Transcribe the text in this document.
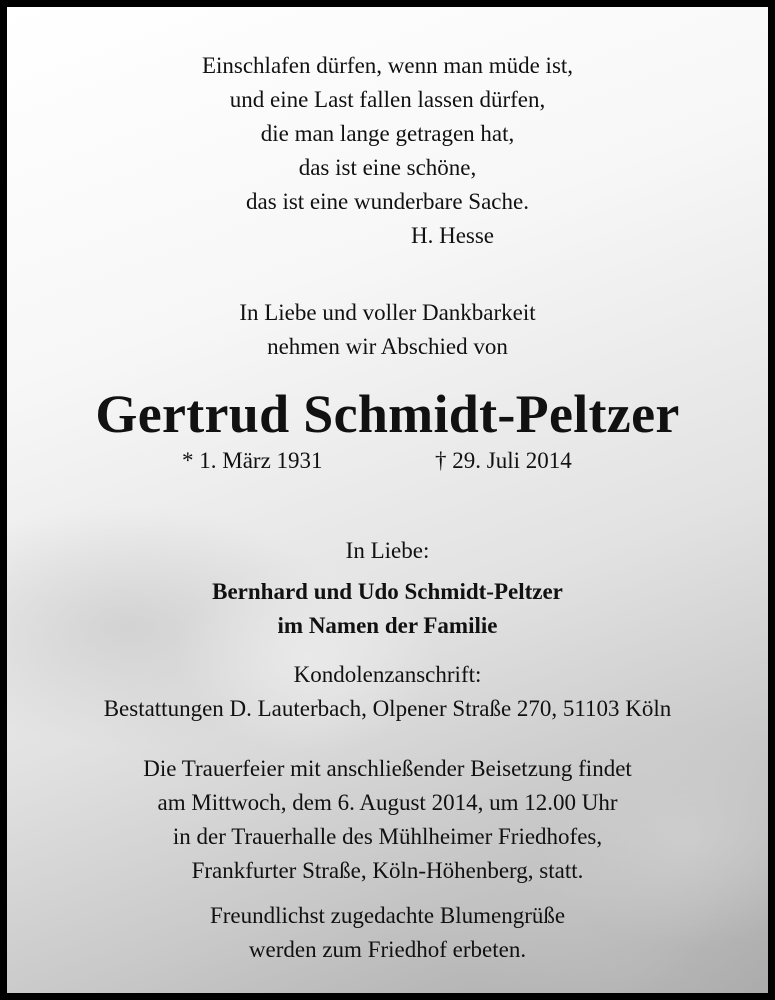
Einschlafen dürfen, wenn man müde ist,
und eine Last fallen lassen dürfen,
die man lange getragen hat,
das ist eine schöne,
das ist eine wunderbare Sache.
H. Hesse
In Liebe und voller Dankbarkeit
nehmen wir Abschied von
Gertrud Schmidt-Peltzer
* 1. März 1931	† 29. Juli 2014
In Liebe:
Bernhard und Udo Schmidt-Peltzer
im Namen der Familie
Kondolenzanschrift:
Bestattungen D. Lauterbach, Olpener Straße 270, 51103 Köln
Die Trauerfeier mit anschließender Beisetzung findet
am Mittwoch, dem 6. August 2014, um 12.00 Uhr
in der Trauerhalle des Mühlheimer Friedhofes,
Frankfurter Straße, Köln-Höhenberg, statt.
Freundlichst zugedachte Blumengrüße
werden zum Friedhof erbeten.
